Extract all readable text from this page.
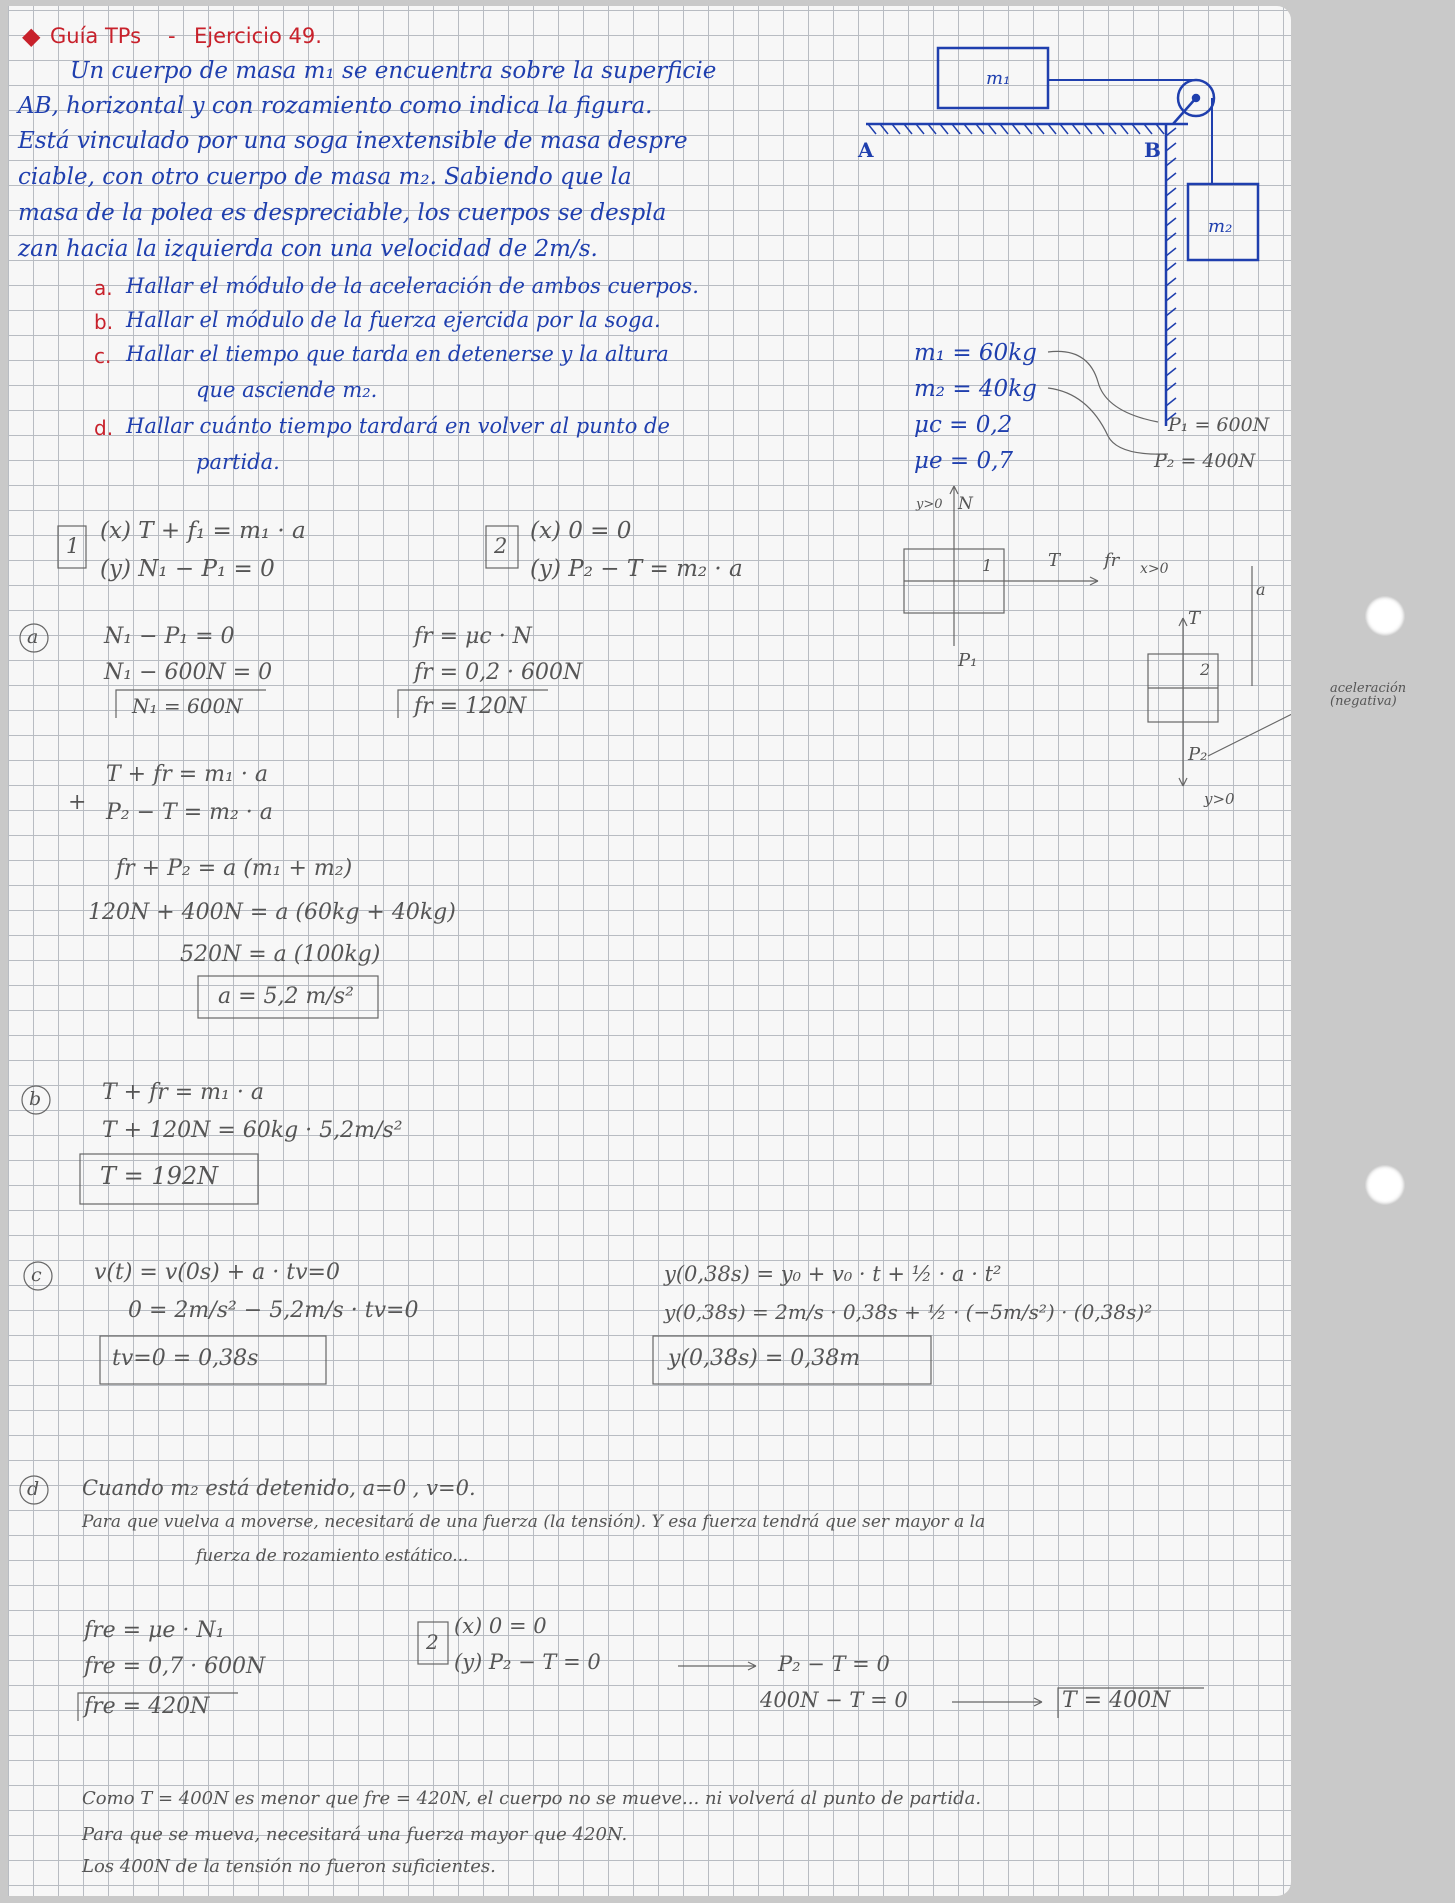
◆ Guía TPs - Ejercicio 49.
Un cuerpo de masa m₁ se encuentra sobre la superficie
AB, horizontal y con rozamiento como indica la figura.
Está vinculado por una soga inextensible de masa despre
ciable, con otro cuerpo de masa m₂. Sabiendo que la
masa de la polea es despreciable, los cuerpos se despla
zan hacia la izquierda con una velocidad de 2m/s.
a. Hallar el módulo de la aceleración de ambos cuerpos.
b. Hallar el módulo de la fuerza ejercida por la soga.
c. Hallar el tiempo que tarda en detenerse y la altura
que asciende m₂.
d. Hallar cuánto tiempo tardará en volver al punto de
partida.
m₁
m₂
A	B
m₁ = 60kg
m₂ = 40kg
μc = 0,2
μe = 0,7
P₁ = 600N
P₂ = 400N
1
N
y>0
T fr x>0
P₁	2
T
a
P₂
y>0
aceleración (negativa)
1
(x) T + f₁ = m₁ · a
(y) N₁ − P₁ = 0
2
(x) 0 = 0
(y) P₂ − T = m₂ · a
a	N₁ − P₁ = 0
N₁ − 600N = 0
N₁ = 600N
fr = μc · N
fr = 0,2 · 600N
fr = 120N
+
T + fr = m₁ · a
P₂ − T = m₂ · a
fr + P₂ = a (m₁ + m₂)
120N + 400N = a (60kg + 40kg)
520N = a (100kg)
a = 5,2 m/s²
b	T + fr = m₁ · a
T + 120N = 60kg · 5,2m/s²
T = 192N
c v(t) = v(0s) + a · tv=0
0 = 2m/s² − 5,2m/s · tv=0
tv=0 = 0,38s
y(0,38s) = y₀ + v₀ · t + ½ · a · t²
y(0,38s) = 2m/s · 0,38s + ½ · (−5m/s²) · (0,38s)²
y(0,38s) = 0,38m
d Cuando m₂ está detenido, a=0 , v=0.
Para que vuelva a moverse, necesitará de una fuerza (la tensión). Y esa fuerza tendrá que ser mayor a la
fuerza de rozamiento estático...
fre = μe · N₁
fre = 0,7 · 600N
fre = 420N
2
(x) 0 = 0
(y) P₂ − T = 0	P₂ − T = 0
400N − T = 0	T = 400N
Como T = 400N es menor que fre = 420N, el cuerpo no se mueve... ni volverá al punto de partida.
Para que se mueva, necesitará una fuerza mayor que 420N.
Los 400N de la tensión no fueron suficientes.
